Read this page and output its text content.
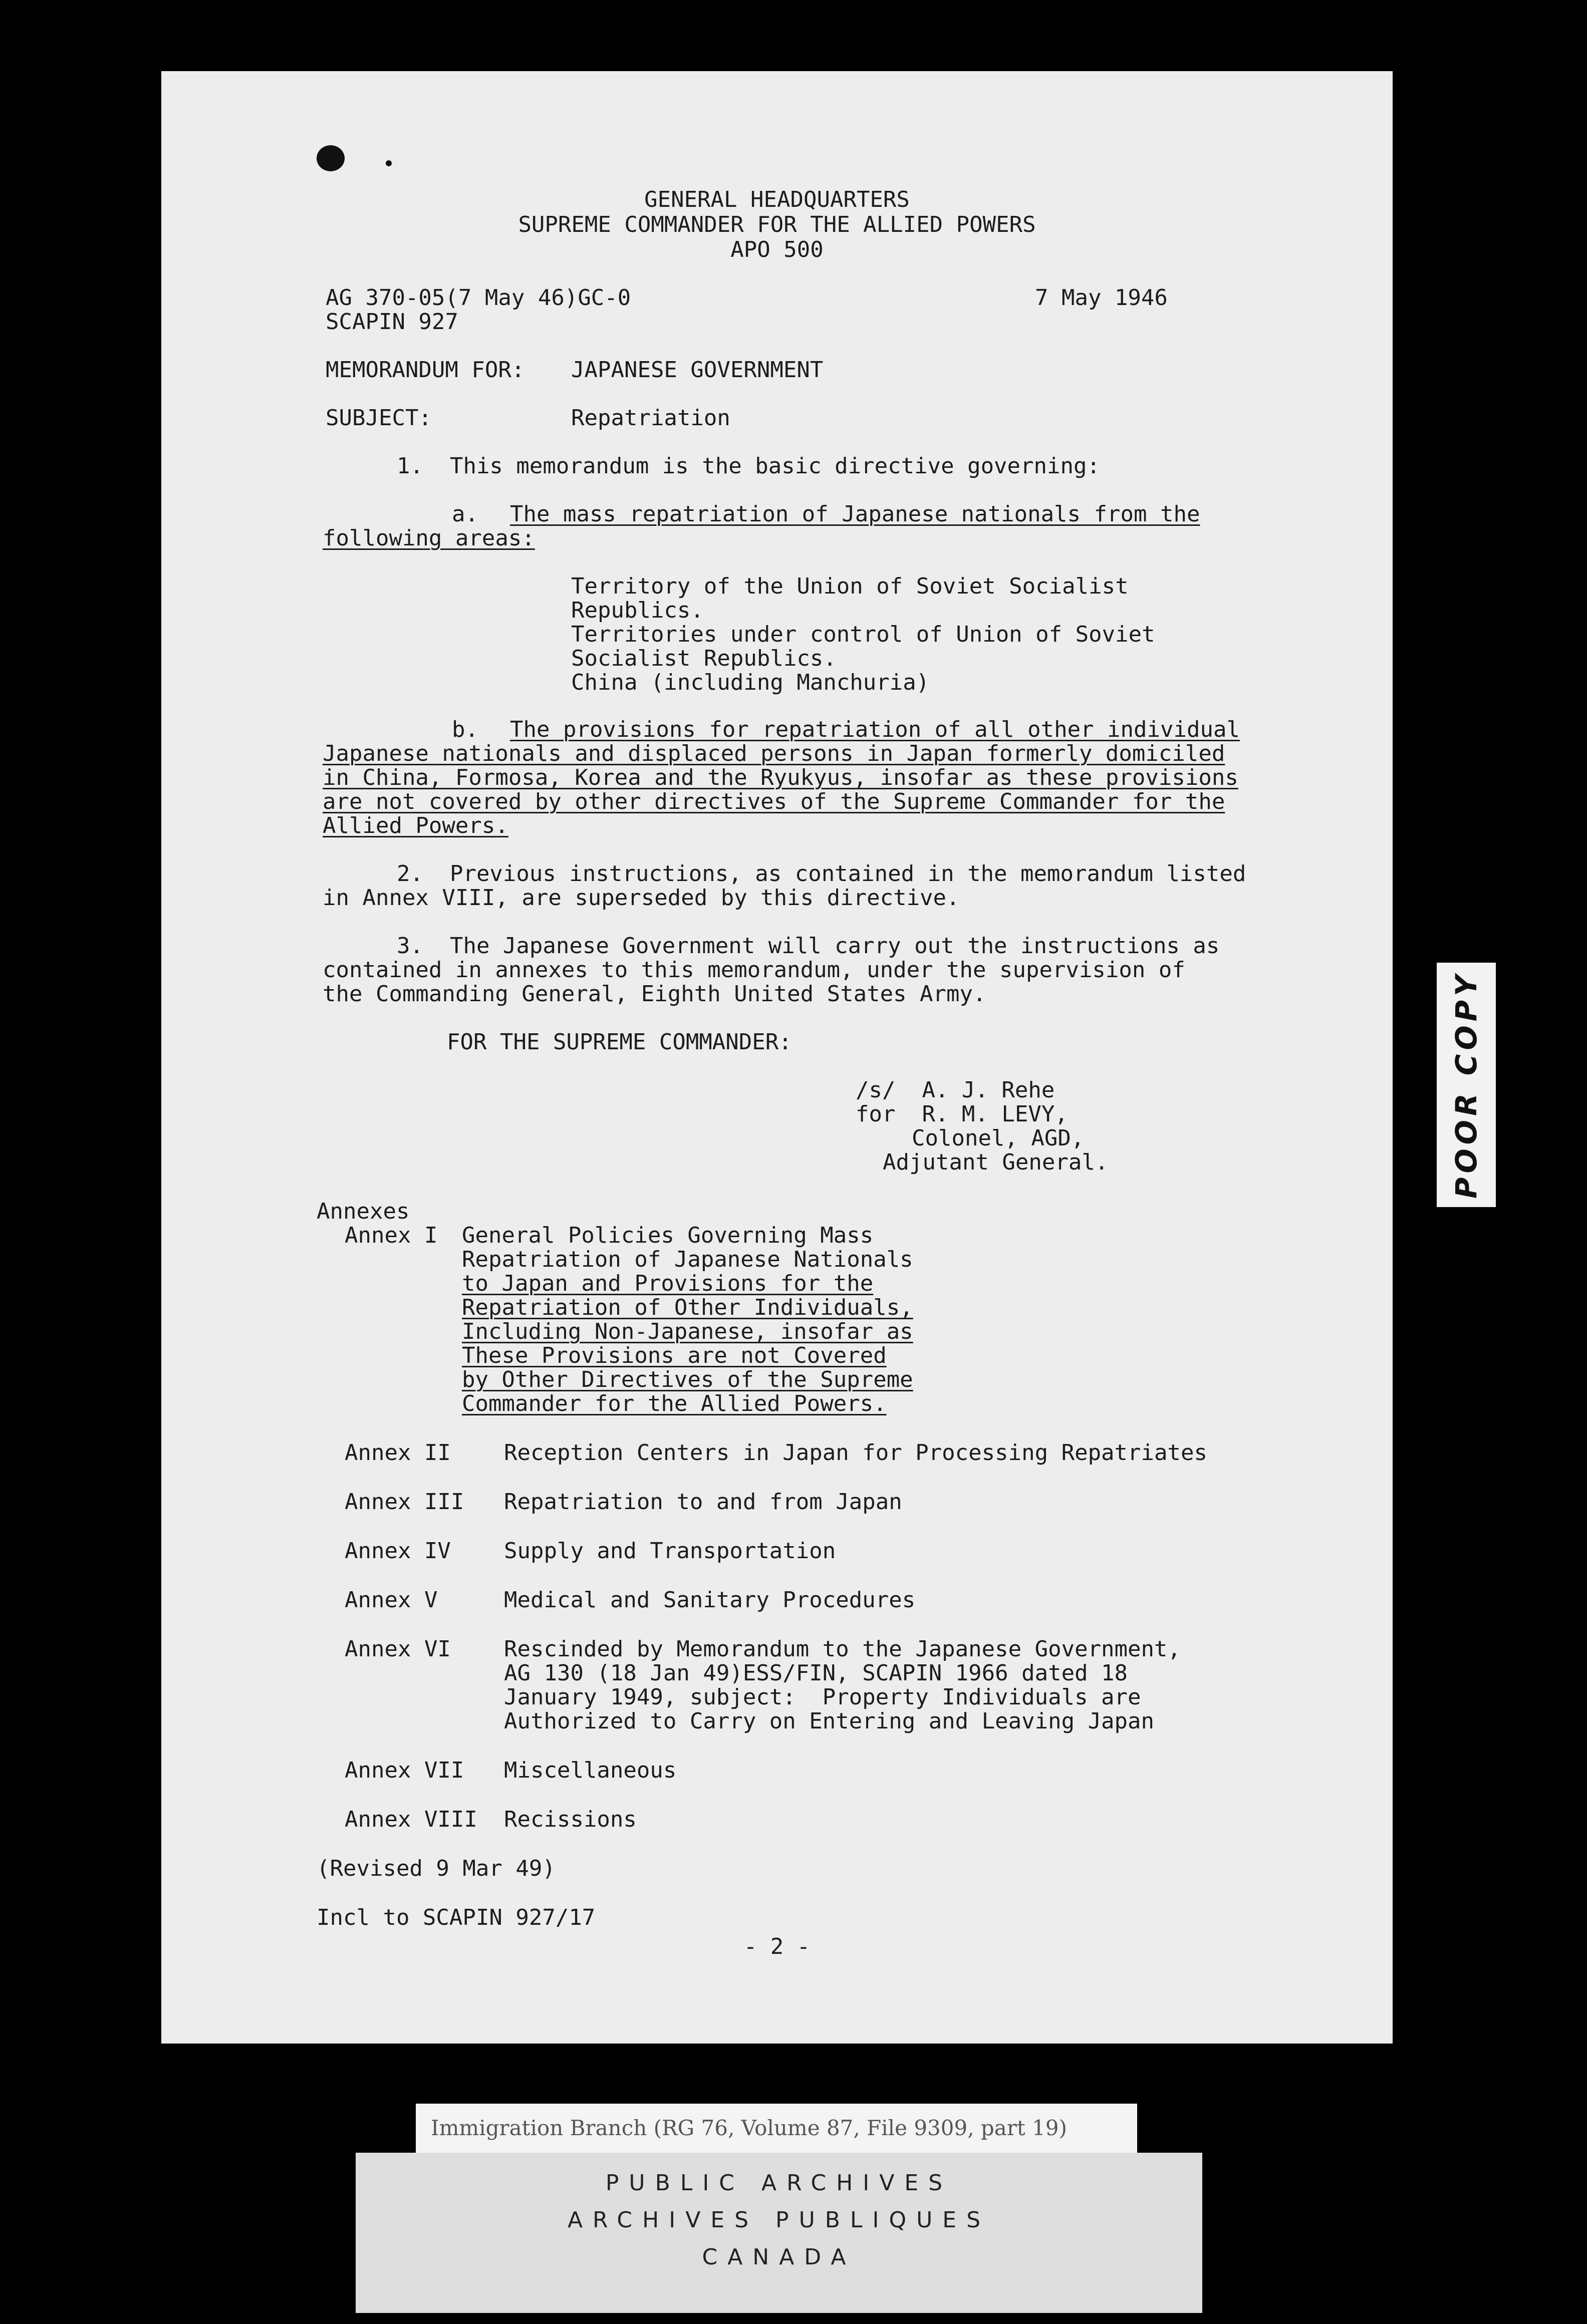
GENERAL HEADQUARTERS
SUPREME COMMANDER FOR THE ALLIED POWERS
APO 500
AG 370-05(7 May 46)GC-0	7 May 1946
SCAPIN 927
MEMORANDUM FOR: JAPANESE GOVERNMENT
SUBJECT:	Repatriation
1.  This memorandum is the basic directive governing:
a. The mass repatriation of Japanese nationals from the
following areas:
Territory of the Union of Soviet Socialist
Republics.
Territories under control of Union of Soviet
Socialist Republics.
China (including Manchuria)
b. The provisions for repatriation of all other individual
Japanese nationals and displaced persons in Japan formerly domiciled
in China, Formosa, Korea and the Ryukyus, insofar as these provisions
are not covered by other directives of the Supreme Commander for the
Allied Powers.
2.  Previous instructions, as contained in the memorandum listed
in Annex VIII, are superseded by this directive.
3.  The Japanese Government will carry out the instructions as
contained in annexes to this memorandum, under the supervision of
the Commanding General, Eighth United States Army.
FOR THE SUPREME COMMANDER:
/s/  A. J. Rehe
for  R. M. LEVY,
Colonel, AGD,
Adjutant General.
Annexes
Annex I General Policies Governing Mass
Repatriation of Japanese Nationals
to Japan and Provisions for the
Repatriation of Other Individuals,
Including Non-Japanese, insofar as
These Provisions are not Covered
by Other Directives of the Supreme
Commander for the Allied Powers.
Annex II Reception Centers in Japan for Processing Repatriates
Annex III Repatriation to and from Japan
Annex IV Supply and Transportation
Annex V	Medical and Sanitary Procedures
Annex VI Rescinded by Memorandum to the Japanese Government,
AG 130 (18 Jan 49)ESS/FIN, SCAPIN 1966 dated 18
January 1949, subject:  Property Individuals are
Authorized to Carry on Entering and Leaving Japan
Annex VII Miscellaneous
Annex VIII Recissions
(Revised 9 Mar 49)
Incl to SCAPIN 927/17
- 2 -
POOR COPY
Immigration Branch (RG 76, Volume 87, File 9309, part 19)
PUBLIC ARCHIVES
ARCHIVES PUBLIQUES
CANADA
